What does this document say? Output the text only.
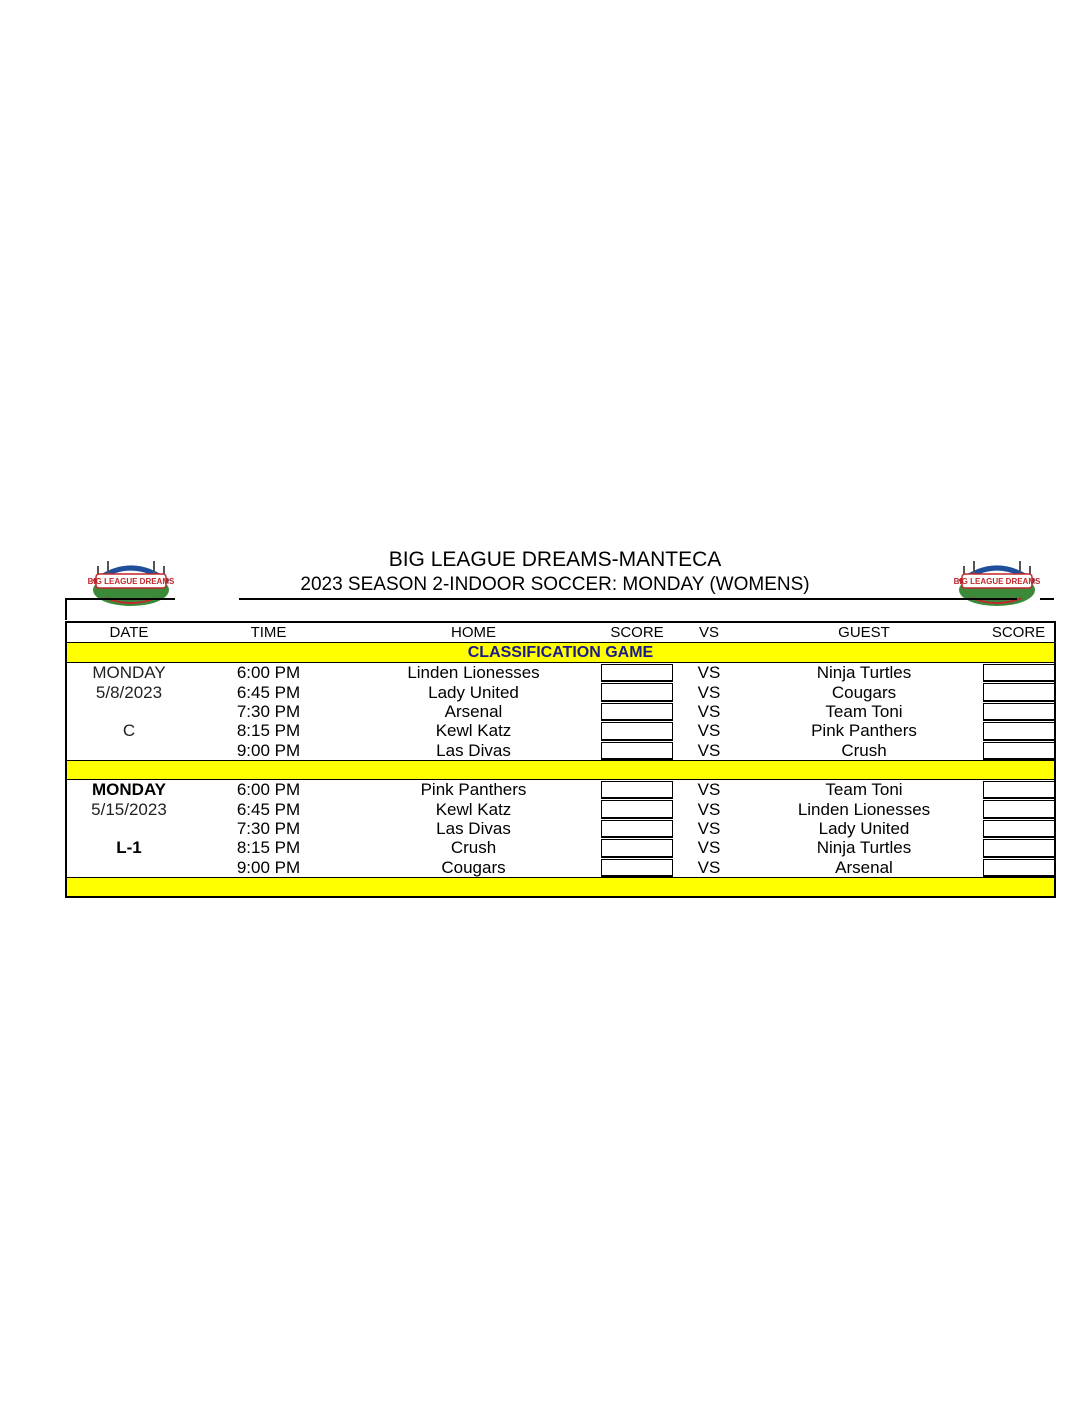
BIG LEAGUE DREAMS	BIG LEAGUE DREAMS
BIG LEAGUE DREAMS-MANTECA
2023 SEASON 2-INDOOR SOCCER: MONDAY (WOMENS)
DATE	TIME	HOME	SCORE	VS	GUEST	SCORE
CLASSIFICATION GAME						
MONDAY	6:00 PM	Linden Lionesses		VS	Ninja Turtles	

5/8/2023	6:45 PM	Lady United		VS	Cougars	

	7:30 PM	Arsenal		VS	Team Toni	

C	8:15 PM	Kewl Katz		VS	Pink Panthers	

	9:00 PM	Las Divas		VS	Crush	

MONDAY	6:00 PM	Pink Panthers		VS	Team Toni	

5/15/2023	6:45 PM	Kewl Katz		VS	Linden Lionesses	

	7:30 PM	Las Divas		VS	Lady United	

L-1	8:15 PM	Crush		VS	Ninja Turtles	

	9:00 PM	Cougars		VS	Arsenal	
